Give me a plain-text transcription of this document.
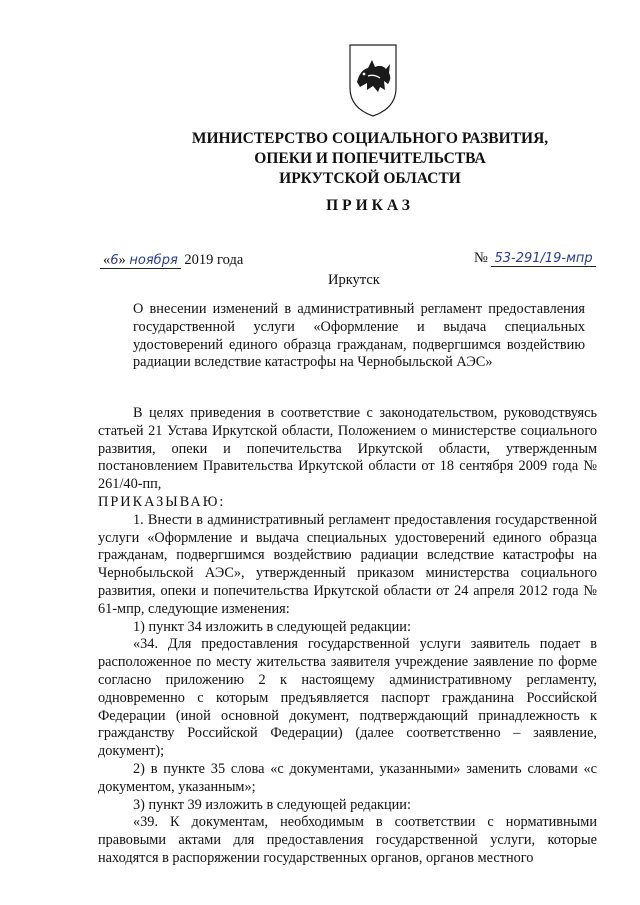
МИНИСТЕРСТВО СОЦИАЛЬНОГО РАЗВИТИЯ,
ОПЕКИ И ПОПЕЧИТЕЛЬСТВА
ИРКУТСКОЙ ОБЛАСТИ
ПРИКАЗ
«6» ноября 2019 года	№ 53-291/19-мпр
Иркутск
О внесении изменений в административный регламент предоставления государственной услуги «Оформление и выдача специальных удостоверений единого образца гражданам, подвергшимся воздействию радиации вследствие катастрофы на Чернобыльской АЭС»

В целях приведения в соответствие с законодательством, руководствуясь статьей 21 Устава Иркутской области, Положением о министерстве социального развития, опеки и попечительства Иркутской области, утвержденным постановлением Правительства Иркутской области от 18 сентября 2009 года № 261/40-пп,

ПРИКАЗЫВАЮ:

1. Внести в административный регламент предоставления государственной услуги «Оформление и выдача специальных удостоверений единого образца гражданам, подвергшимся воздействию радиации вследствие катастрофы на Чернобыльской АЭС», утвержденный приказом министерства социального развития, опеки и попечительства Иркутской области от 24 апреля 2012 года № 61-мпр, следующие изменения:

1) пункт 34 изложить в следующей редакции:

«34. Для предоставления государственной услуги заявитель подает в расположенное по месту жительства заявителя учреждение заявление по форме согласно приложению 2 к настоящему административному регламенту, одновременно с которым предъявляется паспорт гражданина Российской Федерации (иной основной документ, подтверждающий принадлежность к гражданству Российской Федерации) (далее соответственно – заявление, документ);

2) в пункте 35 слова «с документами, указанными» заменить словами «с документом, указанным»;

3) пункт 39 изложить в следующей редакции:

«39. К документам, необходимым в соответствии с нормативными правовыми актами для предоставления государственной услуги, которые находятся в распоряжении государственных органов, органов местного
